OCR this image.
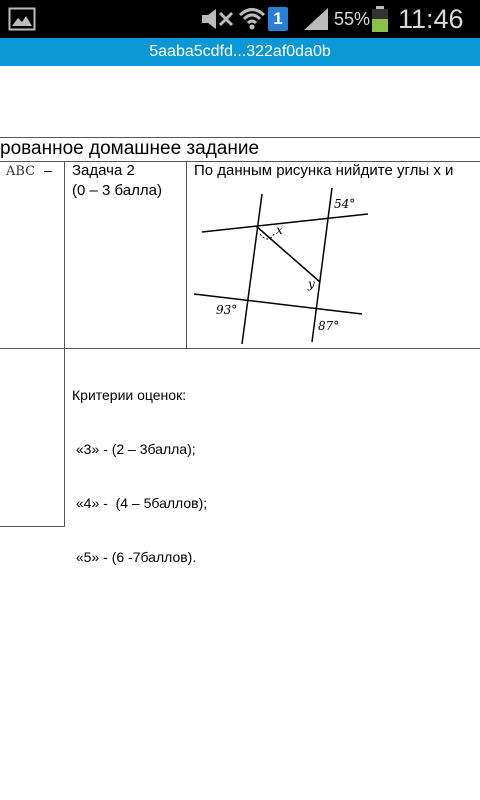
1	55% 11:46
5aaba5cdfd...322af0da0b
рованное домашнее задание
ABC – Задача 2
(0 – 3 балла)
По данным рисунка нийдите углы х и
54°
x
y
93°
87°

Критерии оценок:

«3» - (2 – 3балла);

«4» -  (4 – 5баллов);

«5» - (6 -7баллов).
